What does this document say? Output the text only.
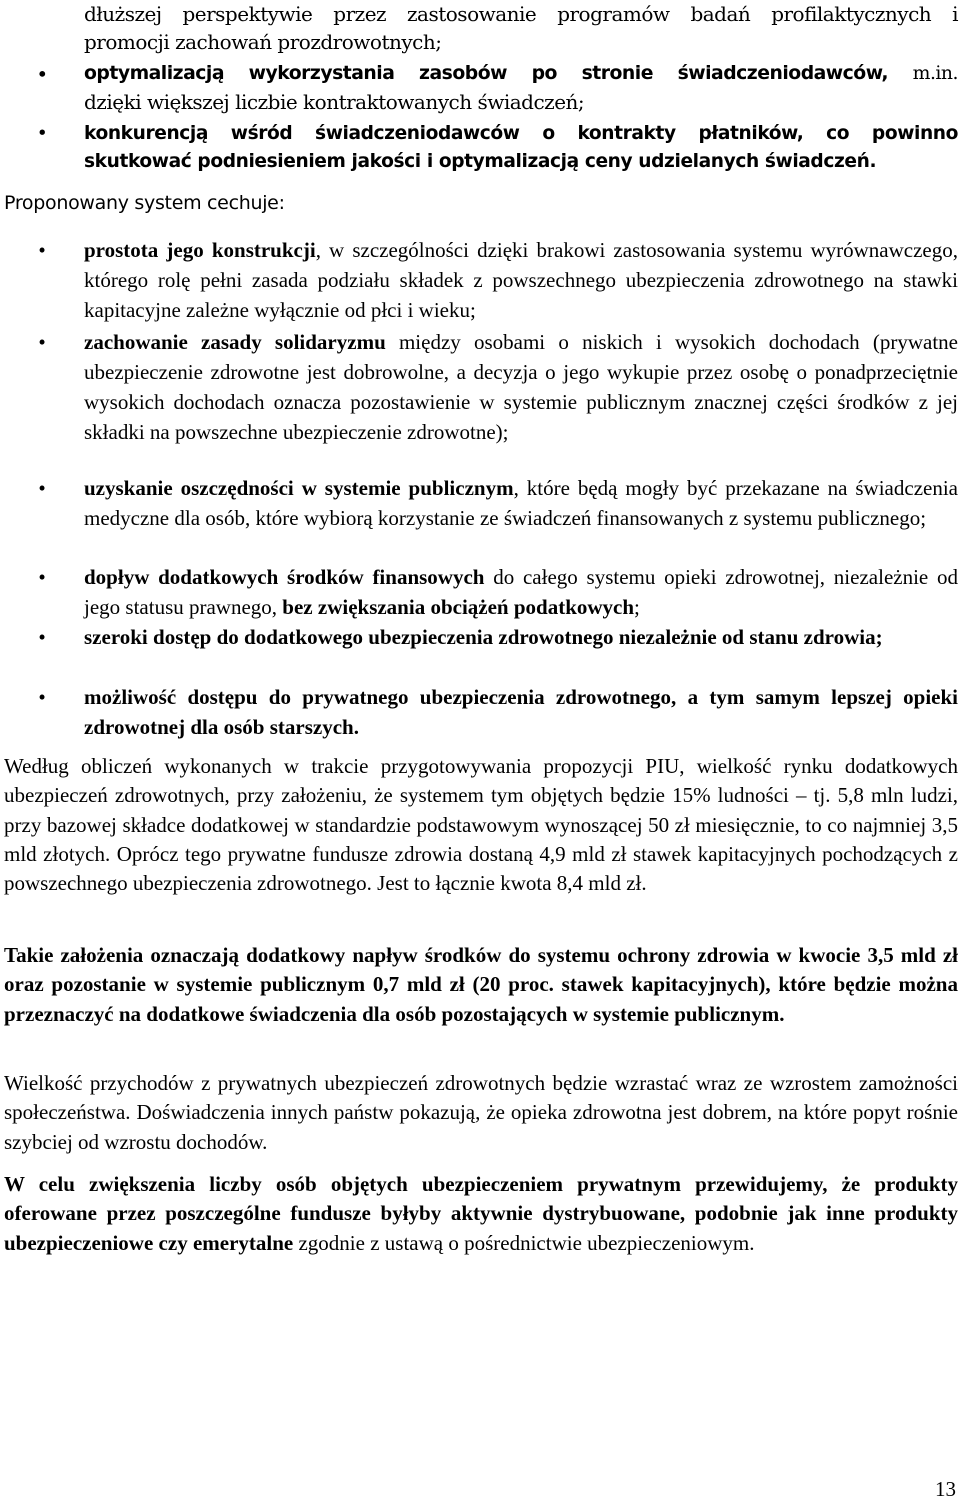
dłuższej perspektywie przez zastosowanie programów badań profilaktycznych i
promocji zachowań prozdrowotnych;
• optymalizacją wykorzystania zasobów po stronie świadczeniodawców, m.in.
dzięki większej liczbie kontraktowanych świadczeń;
• konkurencją wśród świadczeniodawców o kontrakty płatników, co powinno
skutkować podniesieniem jakości i optymalizacją ceny udzielanych świadczeń.
Proponowany system cechuje:
•	prostota jego konstrukcji, w szczególności dzięki brakowi zastosowania systemu wyrównawczego, którego rolę pełni zasada podziału składek z powszechnego ubezpieczenia zdrowotnego na stawki kapitacyjne zależne wyłącznie od płci i wieku;
•	zachowanie zasady solidaryzmu między osobami o niskich i wysokich dochodach (prywatne ubezpieczenie zdrowotne jest dobrowolne, a decyzja o jego wykupie przez osobę o ponadprzeciętnie wysokich dochodach oznacza pozostawienie w systemie publicznym znacznej części środków z jej składki na powszechne ubezpieczenie zdrowotne);
•	uzyskanie oszczędności w systemie publicznym, które będą mogły być przekazane na świadczenia medyczne dla osób, które wybiorą korzystanie ze świadczeń finansowanych z systemu publicznego;
•	dopływ dodatkowych środków finansowych do całego systemu opieki zdrowotnej, niezależnie od jego statusu prawnego, bez zwiększania obciążeń podatkowych;
•	szeroki dostęp do dodatkowego ubezpieczenia zdrowotnego niezależnie od stanu zdrowia;
•	możliwość dostępu do prywatnego ubezpieczenia zdrowotnego, a tym samym lepszej opieki zdrowotnej dla osób starszych.
Według obliczeń wykonanych w trakcie przygotowywania propozycji PIU, wielkość rynku dodatkowych ubezpieczeń zdrowotnych, przy założeniu, że systemem tym objętych będzie 15% ludności – tj. 5,8 mln ludzi, przy bazowej składce dodatkowej w standardzie podstawowym wynoszącej 50 zł miesięcznie, to co najmniej 3,5 mld złotych. Oprócz tego prywatne fundusze zdrowia dostaną 4,9 mld zł stawek kapitacyjnych pochodzących z powszechnego ubezpieczenia zdrowotnego. Jest to łącznie kwota 8,4 mld zł.
Takie założenia oznaczają dodatkowy napływ środków do systemu ochrony zdrowia w kwocie 3,5 mld zł oraz pozostanie w systemie publicznym 0,7 mld zł (20 proc. stawek kapitacyjnych), które będzie można przeznaczyć na dodatkowe świadczenia dla osób pozostających w systemie publicznym.
Wielkość przychodów z prywatnych ubezpieczeń zdrowotnych będzie wzrastać wraz ze wzrostem zamożności społeczeństwa. Doświadczenia innych państw pokazują, że opieka zdrowotna jest dobrem, na które popyt rośnie szybciej od wzrostu dochodów.
W celu zwiększenia liczby osób objętych ubezpieczeniem prywatnym przewidujemy, że produkty oferowane przez poszczególne fundusze byłyby aktywnie dystrybuowane, podobnie jak inne produkty ubezpieczeniowe czy emerytalne zgodnie z ustawą o pośrednictwie ubezpieczeniowym.
13
